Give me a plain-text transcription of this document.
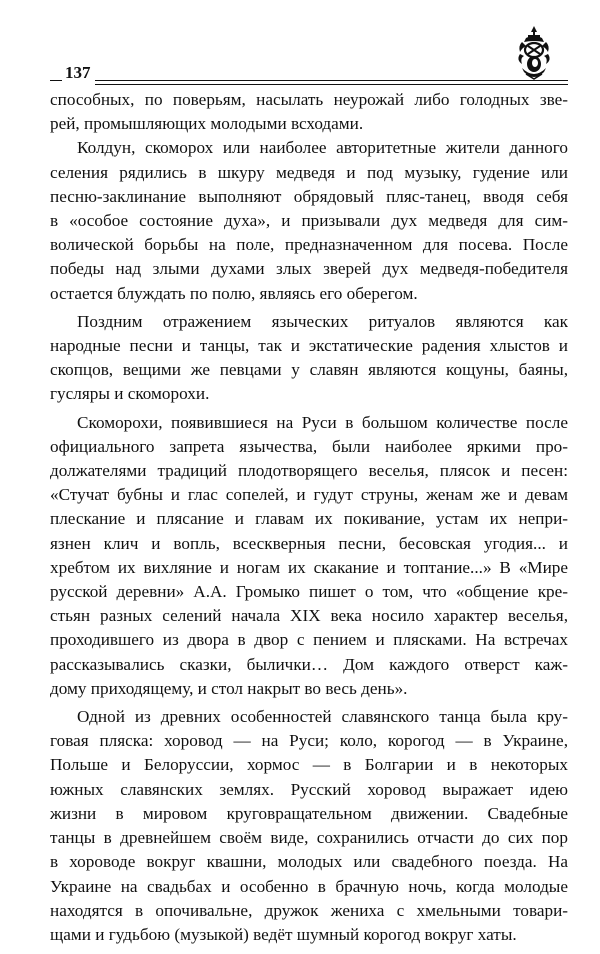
137

способных, по поверьям, насылать неурожай либо голодных зве-
рей, промышляющих молодыми всходами.

Колдун, скоморох или наиболее авторитетные жители данного
селения рядились в шкуру медведя и под музыку, гудение или
песню-заклинание выполняют обрядовый пляс-танец, вводя себя
в «особое состояние духа», и призывали дух медведя для сим-
волической борьбы на поле, предназначенном для посева. После
победы над злыми духами злых зверей дух медведя-победителя
остается блуждать по полю, являясь его оберегом.

Поздним отражением языческих ритуалов являются как
народные песни и танцы, так и экстатические радения хлыстов и
скопцов, вещими же певцами у славян являются кощуны, баяны,
гусляры и скоморохи.

Скоморохи, появившиеся на Руси в большом количестве после
официального запрета язычества, были наиболее яркими про-
должателями традиций плодотворящего веселья, плясок и песен:
«Стучат бубны и глас сопелей, и гудут струны, женам же и девам
плескание и плясание и главам их покивание, устам их непри-
язнен клич и вопль, всескверныя песни, бесовская угодия... и
хребтом их вихляние и ногам их скакание и топтание...» В «Мире
русской деревни» А.А. Громыко пишет о том, что «общение кре-
стьян разных селений начала XIX века носило характер веселья,
проходившего из двора в двор с пением и плясками. На встречах
рассказывались сказки, былички… Дом каждого отверст каж-
дому приходящему, и стол накрыт во весь день».

Одной из древних особенностей славянского танца была кру-
говая пляска: хоровод — на Руси; коло, корогод — в Украине,
Польше и Белоруссии, хормос — в Болгарии и в некоторых
южных славянских землях. Русский хоровод выражает идею
жизни в мировом круговращательном движении. Свадебные
танцы в древнейшем своём виде, сохранились отчасти до сих пор
в хороводе вокруг квашни, молодых или свадебного поезда. На
Украине на свадьбах и особенно в брачную ночь, когда молодые
находятся в опочивальне, дружок жениха с хмельными товари-
щами и гудьбою (музыкой) ведёт шумный корогод вокруг хаты.
